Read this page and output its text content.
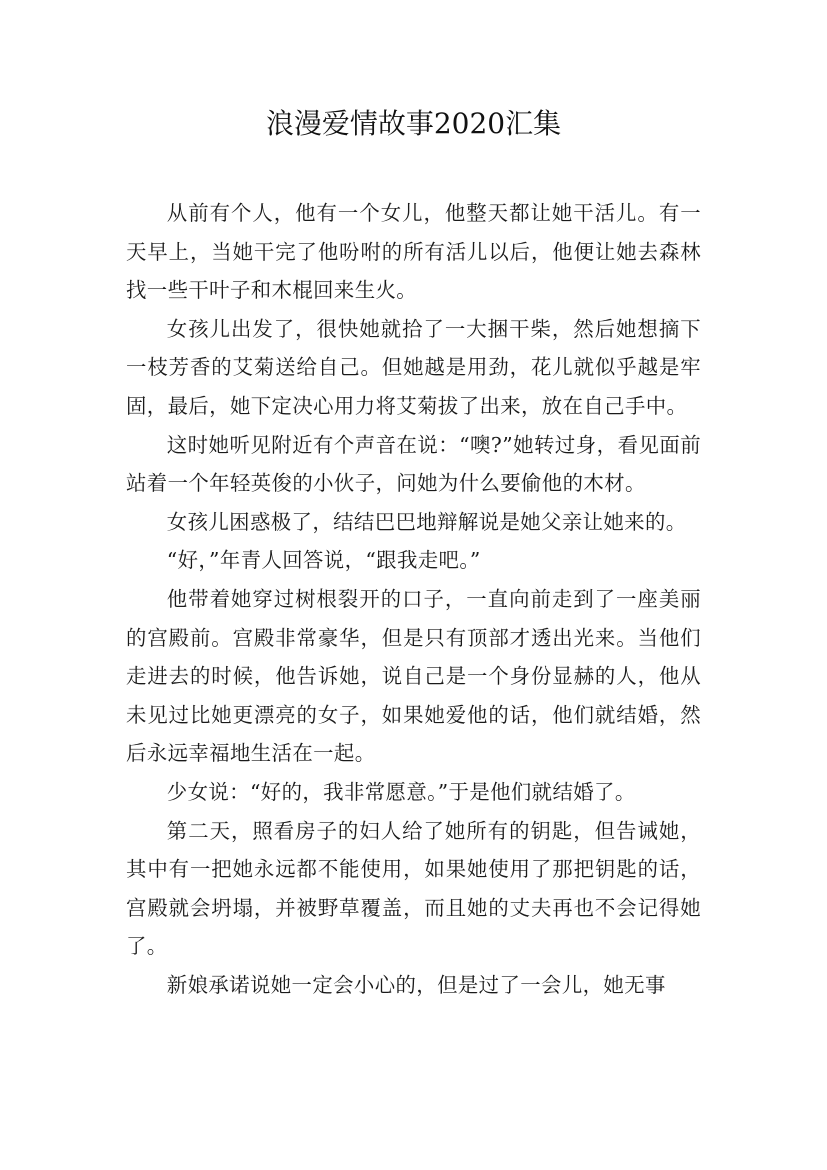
浪漫爱情故事2020汇集

从前有个人，他有一个女儿，他整天都让她干活儿。有一天早上，当她干完了他吩咐的所有活儿以后，他便让她去森林找一些干叶子和木棍回来生火。

女孩儿出发了，很快她就拾了一大捆干柴，然后她想摘下一枝芳香的艾菊送给自己。但她越是用劲，花儿就似乎越是牢固，最后，她下定决心用力将艾菊拔了出来，放在自己手中。

这时她听见附近有个声音在说：“噢?”她转过身，看见面前站着一个年轻英俊的小伙子，问她为什么要偷他的木材。

女孩儿困惑极了，结结巴巴地辩解说是她父亲让她来的。

“好，”年青人回答说，“跟我走吧。”

他带着她穿过树根裂开的口子，一直向前走到了一座美丽的宫殿前。宫殿非常豪华，但是只有顶部才透出光来。当他们走进去的时候，他告诉她，说自己是一个身份显赫的人，他从未见过比她更漂亮的女子，如果她爱他的话，他们就结婚，然后永远幸福地生活在一起。

少女说：“好的，我非常愿意。”于是他们就结婚了。

第二天，照看房子的妇人给了她所有的钥匙，但告诫她，其中有一把她永远都不能使用，如果她使用了那把钥匙的话，宫殿就会坍塌，并被野草覆盖，而且她的丈夫再也不会记得她了。

新娘承诺说她一定会小心的，但是过了一会儿，她无事
